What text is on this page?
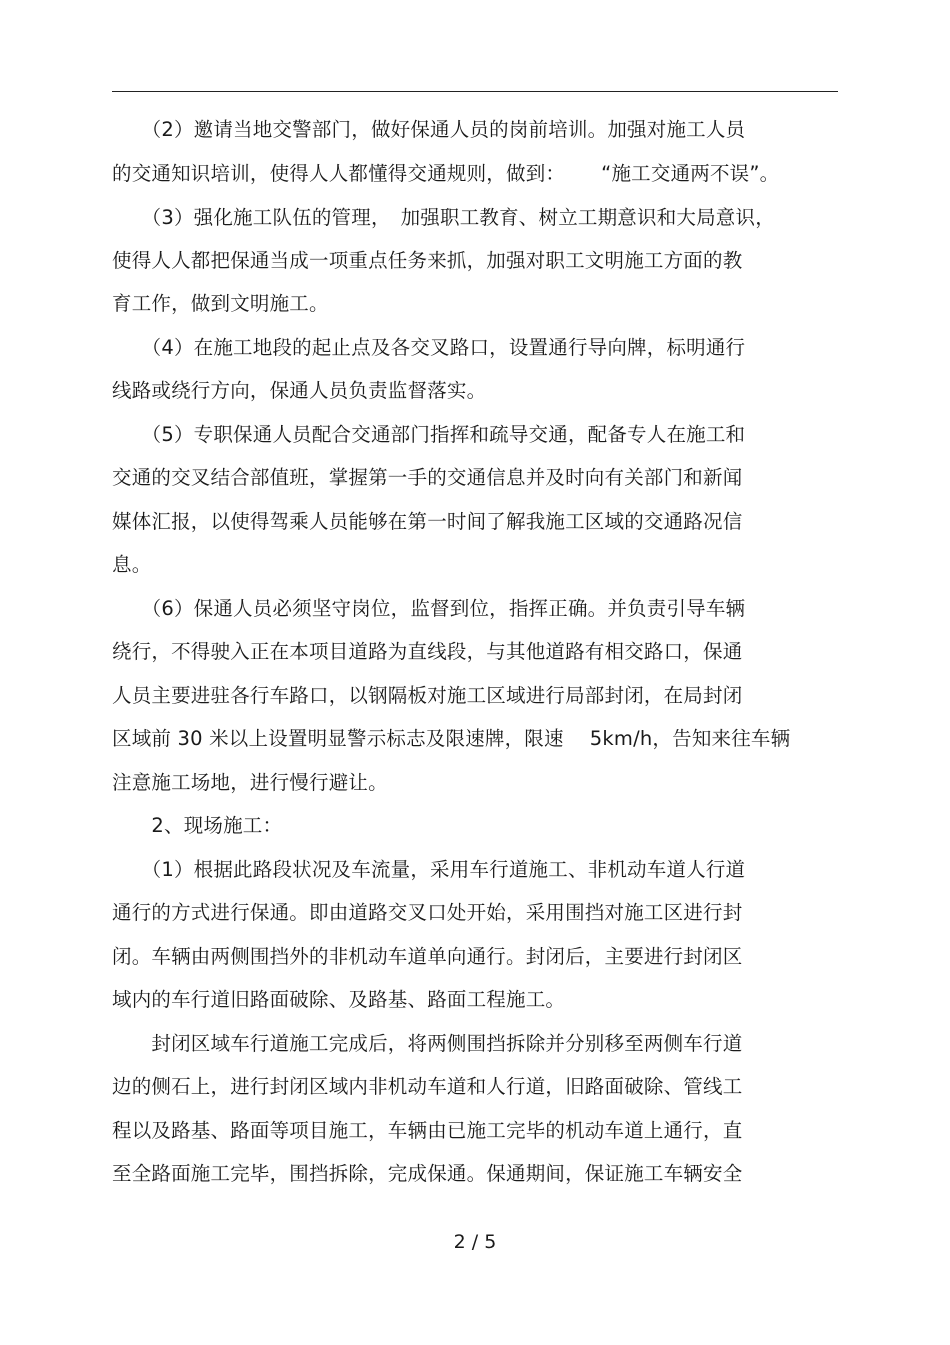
　　（2）邀请当地交警部门，做好保通人员的岗前培训。加强对施工人员
的交通知识培训，使得人人都懂得交通规则，做到：　 　“施工交通两不误”。
　　（3）强化施工队伍的管理，　加强职工教育、树立工期意识和大局意识，
使得人人都把保通当成一项重点任务来抓，加强对职工文明施工方面的教
育工作，做到文明施工。
　　（4）在施工地段的起止点及各交叉路口，设置通行导向牌，标明通行
线路或绕行方向，保通人员负责监督落实。
　　（5）专职保通人员配合交通部门指挥和疏导交通，配备专人在施工和
交通的交叉结合部值班，掌握第一手的交通信息并及时向有关部门和新闻
媒体汇报，以使得驾乘人员能够在第一时间了解我施工区域的交通路况信
息。
　　（6）保通人员必须坚守岗位，监督到位，指挥正确。并负责引导车辆
绕行，不得驶入正在本项目道路为直线段，与其他道路有相交路口，保通
人员主要进驻各行车路口，以钢隔板对施工区域进行局部封闭，在局封闭
区域前 30 米以上设置明显警示标志及限速牌，限速　 5km/h，告知来往车辆
注意施工场地，进行慢行避让。
　　2、现场施工：
　　（1）根据此路段状况及车流量，采用车行道施工、非机动车道人行道
通行的方式进行保通。即由道路交叉口处开始，采用围挡对施工区进行封
闭。车辆由两侧围挡外的非机动车道单向通行。封闭后，主要进行封闭区
域内的车行道旧路面破除、及路基、路面工程施工。
　　封闭区域车行道施工完成后，将两侧围挡拆除并分别移至两侧车行道
边的侧石上，进行封闭区域内非机动车道和人行道，旧路面破除、管线工
程以及路基、路面等项目施工，车辆由已施工完毕的机动车道上通行，直
至全路面施工完毕，围挡拆除，完成保通。保通期间，保证施工车辆安全
2 / 5
